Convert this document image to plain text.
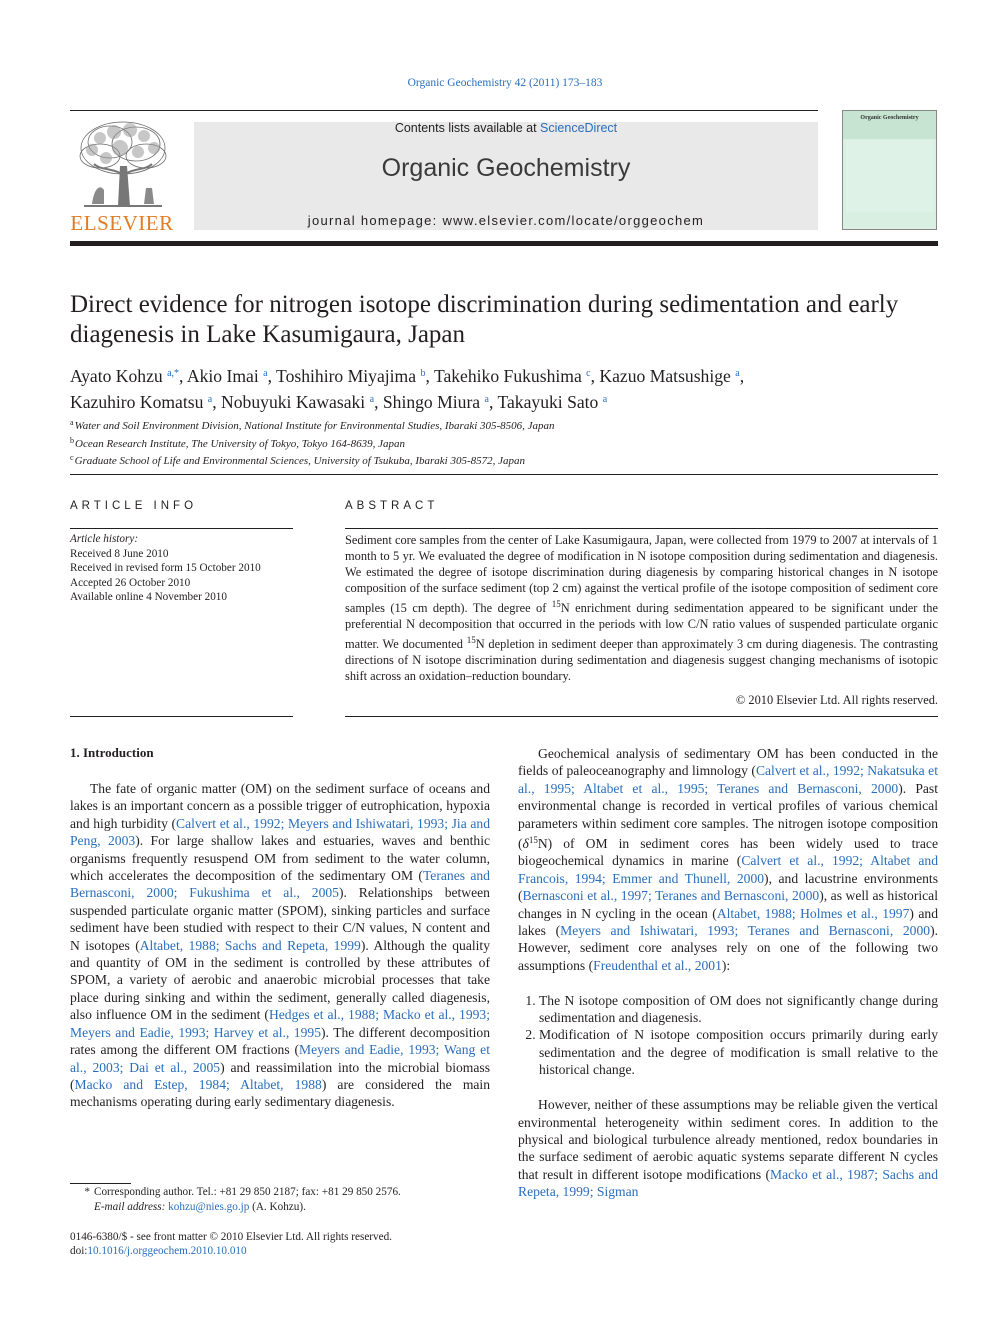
Organic Geochemistry 42 (2011) 173–183
ELSEVIER
Contents lists available at ScienceDirect
Organic Geochemistry
journal homepage: www.elsevier.com/locate/orggeochem
Organic Geochemistry
Direct evidence for nitrogen isotope discrimination during sedimentation and early diagenesis in Lake Kasumigaura, Japan
Ayato Kohzu $^{a,*}$, Akio Imai $^a$, Toshihiro Miyajima $^b$, Takehiko Fukushima $^c$, Kazuo Matsushige $^a$,
Kazuhiro Komatsu $^a$, Nobuyuki Kawasaki $^a$, Shingo Miura $^a$, Takayuki Sato $^a$
$^a$Water and Soil Environment Division, National Institute for Environmental Studies, Ibaraki 305-8506, Japan
$^b$Ocean Research Institute, The University of Tokyo, Tokyo 164-8639, Japan
$^c$Graduate School of Life and Environmental Sciences, University of Tsukuba, Ibaraki 305-8572, Japan
ARTICLE INFO
Article history:
Received 8 June 2010
Received in revised form 15 October 2010
Accepted 26 October 2010
Available online 4 November 2010
ABSTRACT
Sediment core samples from the center of Lake Kasumigaura, Japan, were collected from 1979 to 2007 at intervals of 1 month to 5 yr. We evaluated the degree of modification in N isotope composition during sedimentation and diagenesis. We estimated the degree of isotope discrimination during diagenesis by comparing historical changes in N isotope composition of the surface sediment (top 2 cm) against the vertical profile of the isotope composition of sediment core samples (15 cm depth). The degree of $^{15}$N enrichment during sedimentation appeared to be significant under the preferential N decomposition that occurred in the periods with low C/N ratio values of suspended particulate organic matter. We documented $^{15}$N depletion in sediment deeper than approximately 3 cm during diagenesis. The contrasting directions of N isotope discrimination during sedimentation and diagenesis suggest changing mechanisms of isotopic shift across an oxidation–reduction boundary.
© 2010 Elsevier Ltd. All rights reserved.
1. Introduction

The fate of organic matter (OM) on the sediment surface of oceans and lakes is an important concern as a possible trigger of eutrophication, hypoxia and high turbidity (Calvert et al., 1992; Meyers and Ishiwatari, 1993; Jia and Peng, 2003). For large shallow lakes and estuaries, waves and benthic organisms frequently resuspend OM from sediment to the water column, which accelerates the decomposition of the sedimentary OM (Teranes and Bernasconi, 2000; Fukushima et al., 2005). Relationships between suspended particulate organic matter (SPOM), sinking particles and surface sediment have been studied with respect to their C/N values, N content and N isotopes (Altabet, 1988; Sachs and Repeta, 1999). Although the quality and quantity of OM in the sediment is controlled by these attributes of SPOM, a variety of aerobic and anaerobic microbial processes that take place during sinking and within the sediment, generally called diagenesis, also influence OM in the sediment (Hedges et al., 1988; Macko et al., 1993; Meyers and Eadie, 1993; Harvey et al., 1995). The different decomposition rates among the different OM fractions (Meyers and Eadie, 1993; Wang et al., 2003; Dai et al., 2005) and reassimilation into the microbial biomass (Macko and Estep, 1984; Altabet, 1988) are considered the main mechanisms operating during early sedimentary diagenesis.

Geochemical analysis of sedimentary OM has been conducted in the fields of paleoceanography and limnology (Calvert et al., 1992; Nakatsuka et al., 1995; Altabet et al., 1995; Teranes and Bernasconi, 2000). Past environmental change is recorded in vertical profiles of various chemical parameters within sediment core samples. The nitrogen isotope composition $(\delta^{15}N)$ of OM in sediment cores has been widely used to trace biogeochemical dynamics in marine (Calvert et al., 1992; Altabet and Francois, 1994; Emmer and Thunell, 2000), and lacustrine environments (Bernasconi et al., 1997; Teranes and Bernasconi, 2000), as well as historical changes in N cycling in the ocean (Altabet, 1988; Holmes et al., 1997) and lakes (Meyers and Ishiwatari, 1993; Teranes and Bernasconi, 2000). However, sediment core analyses rely on one of the following two assumptions (Freudenthal et al., 2001):

1. The N isotope composition of OM does not significantly change during sedimentation and diagenesis.
2. Modification of N isotope composition occurs primarily during early sedimentation and the degree of modification is small relative to the historical change.

However, neither of these assumptions may be reliable given the vertical environmental heterogeneity within sediment cores. In addition to the physical and biological turbulence already mentioned, redox boundaries in the surface sediment of aerobic aquatic systems separate different N cycles that result in different isotope modifications (Macko et al., 1987; Sachs and Repeta, 1999; Sigman

* Corresponding author. Tel.: +81 29 850 2187; fax: +81 29 850 2576.
E-mail address: kohzu@nies.go.jp (A. Kohzu).
0146-6380/$ - see front matter © 2010 Elsevier Ltd. All rights reserved.
doi:10.1016/j.orggeochem.2010.10.010
